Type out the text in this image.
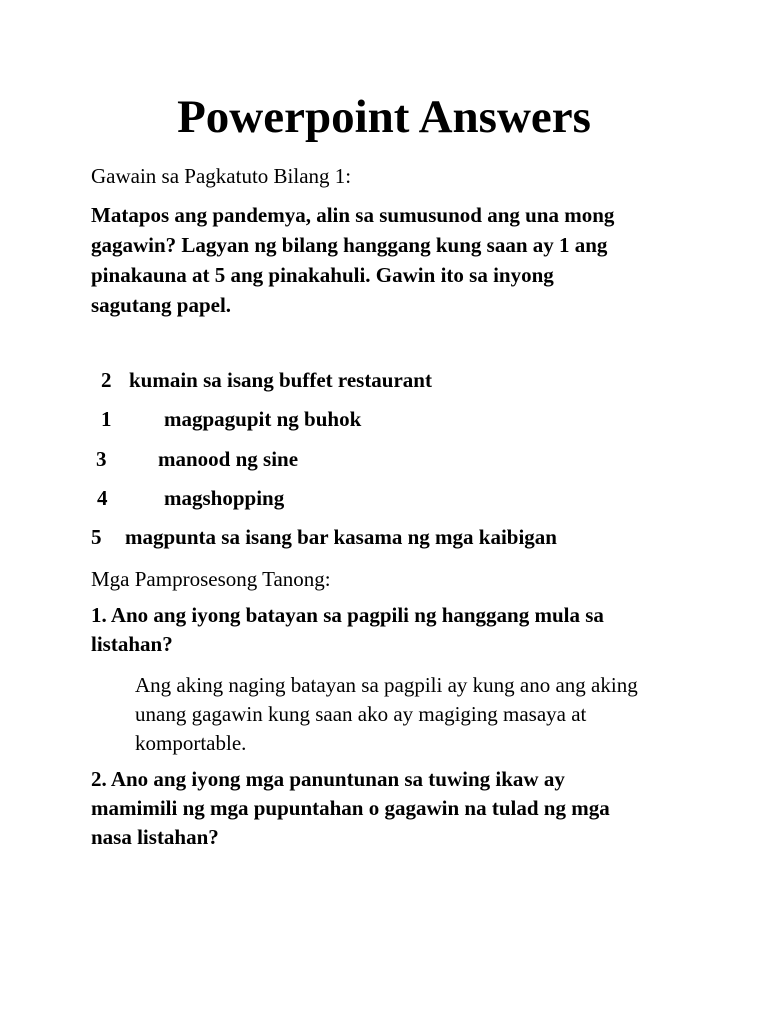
Powerpoint Answers

Gawain sa Pagkatuto Bilang 1:

Matapos ang pandemya, alin sa sumusunod ang una mong
gagawin? Lagyan ng bilang hanggang kung saan ay 1 ang
pinakauna at 5 ang pinakahuli. Gawin ito sa inyong
sagutang papel.
2 kumain sa isang buffet restaurant
1	magpagupit ng buhok
3 manood ng sine
4	magshopping
5 magpunta sa isang bar kasama ng mga kaibigan

Mga Pamprosesong Tanong:

1. Ano ang iyong batayan sa pagpili ng hanggang mula sa
listahan?
Ang aking naging batayan sa pagpili ay kung ano ang aking
unang gagawin kung saan ako ay magiging masaya at
komportable.
2. Ano ang iyong mga panuntunan sa tuwing ikaw ay
mamimili ng mga pupuntahan o gagawin na tulad ng mga
nasa listahan?
